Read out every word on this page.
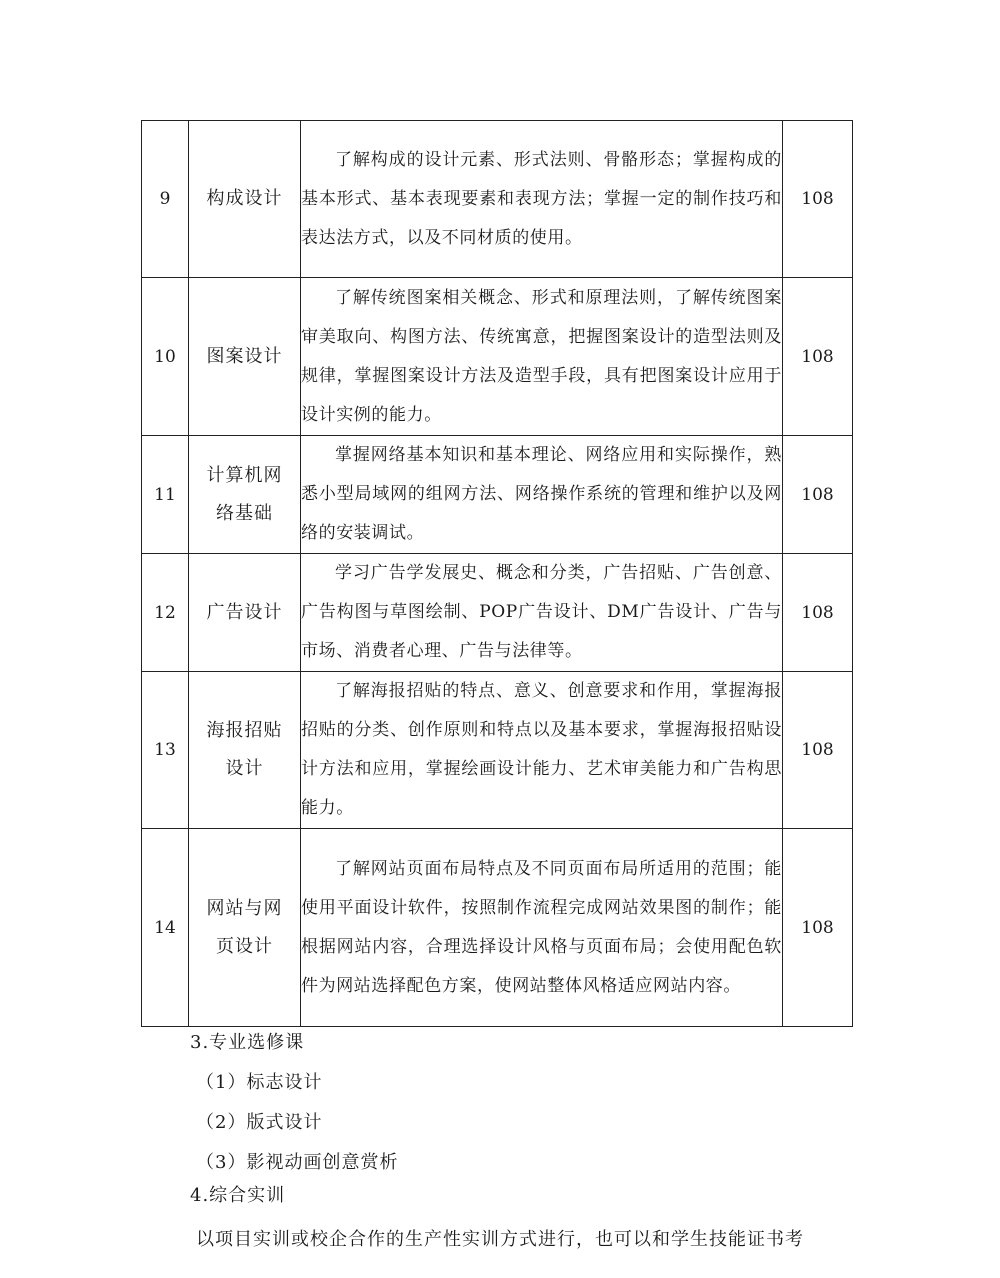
9	构成设计	了解构成的设计元素、形式法则、骨骼形态；掌握构成的基本形式、基本表现要素和表现方法；掌握一定的制作技巧和表达法方式，以及不同材质的使用。	108
10	图案设计	了解传统图案相关概念、形式和原理法则，了解传统图案审美取向、构图方法、传统寓意，把握图案设计的造型法则及规律，掌握图案设计方法及造型手段，具有把图案设计应用于设计实例的能力。	108
11	计算机网络基础	掌握网络基本知识和基本理论、网络应用和实际操作，熟悉小型局域网的组网方法、网络操作系统的管理和维护以及网络的安装调试。	108
12	广告设计	学习广告学发展史、概念和分类，广告招贴、广告创意、广告构图与草图绘制、POP广告设计、DM广告设计、广告与市场、消费者心理、广告与法律等。	108
13	海报招贴设计	了解海报招贴的特点、意义、创意要求和作用，掌握海报招贴的分类、创作原则和特点以及基本要求，掌握海报招贴设计方法和应用，掌握绘画设计能力、艺术审美能力和广告构思能力。	108
14	网站与网页设计	了解网站页面布局特点及不同页面布局所适用的范围；能使用平面设计软件，按照制作流程完成网站效果图的制作；能根据网站内容，合理选择设计风格与页面布局；会使用配色软件为网站选择配色方案，使网站整体风格适应网站内容。	108
3.专业选修课
（1）标志设计
（2）版式设计
（3）影视动画创意赏析
4.综合实训
以项目实训或校企合作的生产性实训方式进行，也可以和学生技能证书考
